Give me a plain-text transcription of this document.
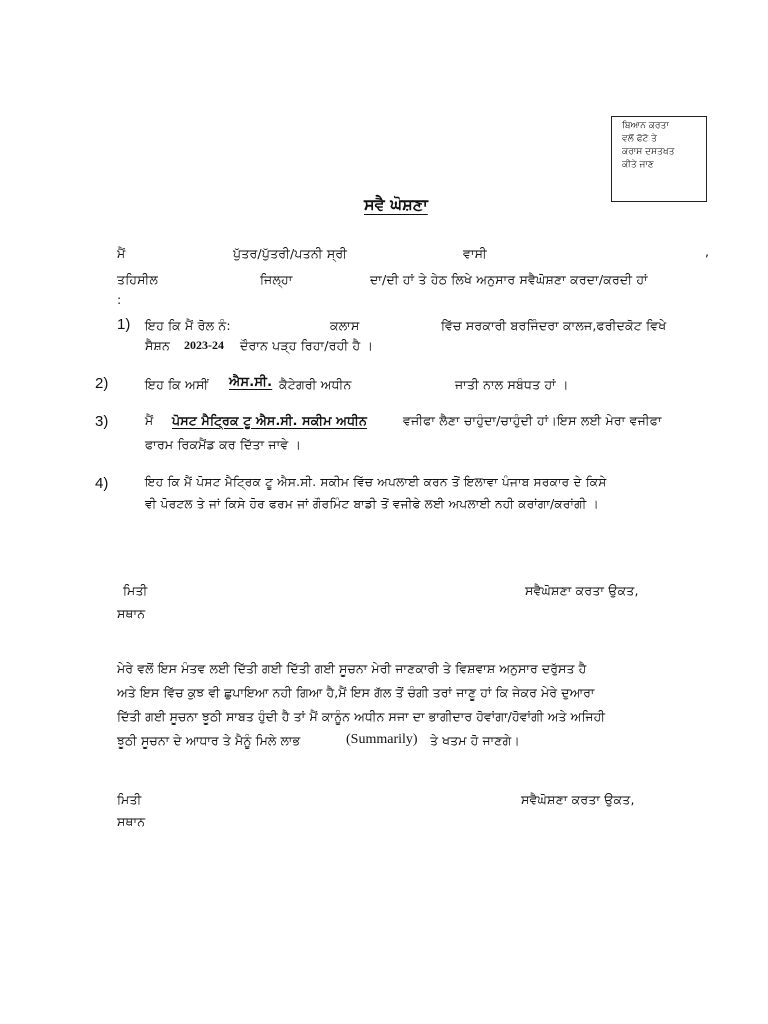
ਬਿਆਨ ਕਰਤਾ
ਵਲੋਂ ਫੋਟੋ ਤੇ
ਕਰਾਸ ਦਸਤਖਤ
ਕੀਤੇ ਜਾਣ
ਸਵੈ ਘੋਸ਼ਣਾ
ਮੈਂ	ਪੁੱਤਰ/ਪੁੱਤਰੀ/ਪਤਨੀ ਸ੍ਰੀ	ਵਾਸੀ	,
ਤਹਿਸੀਲ	ਜਿਲ੍ਹਾ	ਦਾ/ਦੀ ਹਾਂ ਤੇ ਹੇਠ ਲਿਖੇ ਅਨੁਸਾਰ ਸਵੈਘੋਸ਼ਣਾ ਕਰਦਾ/ਕਰਦੀ ਹਾਂ
:
1) ਇਹ ਕਿ ਮੈਂ ਰੋਲ ਨੰ:	ਕਲਾਸ	ਵਿੱਚ ਸਰਕਾਰੀ ਬਰਜਿੰਦਰਾ ਕਾਲਜ,ਫਰੀਦਕੋਟ ਵਿਖੇ
ਸੈਸ਼ਨ 2023-24 ਦੌਰਾਨ ਪੜ੍ਹ ਰਿਹਾ/ਰਹੀ ਹੈ ।
2)	ਇਹ ਕਿ ਅਸੀਂ ਐਸ.ਸੀ. ਕੈਟੇਗਰੀ ਅਧੀਨ	ਜਾਤੀ ਨਾਲ ਸਬੰਧਤ ਹਾਂ ।
3)	ਮੈਂ ਪੋਸਟ ਮੈਟ੍ਰਿਕ ਟੂ ਐਸ.ਸੀ. ਸਕੀਮ ਅਧੀਨ	ਵਜੀਫਾ ਲੈਣਾ ਚਾਹੁੰਦਾ/ਚਾਹੁੰਦੀ ਹਾਂ।ਇਸ ਲਈ ਮੇਰਾ ਵਜੀਫਾ
ਫਾਰਮ ਰਿਕਮੈਂਡ ਕਰ ਦਿੱਤਾ ਜਾਵੇ ।
4)	ਇਹ ਕਿ ਮੈਂ ਪੋਸਟ ਮੈਟ੍ਰਿਕ ਟੂ ਐਸ.ਸੀ. ਸਕੀਮ ਵਿੱਚ ਅਪਲਾਈ ਕਰਨ ਤੋਂ ਇਲਾਵਾ ਪੰਜਾਬ ਸਰਕਾਰ ਦੇ ਕਿਸੇ
ਵੀ ਪੋਰਟਲ ਤੇ ਜਾਂ ਕਿਸੇ ਹੋਰ ਫਰਮ ਜਾਂ ਗੌਰਮਿੰਟ ਬਾਡੀ ਤੋਂ ਵਜੀਫੇ ਲਈ ਅਪਲਾਈ ਨਹੀ ਕਰਾਂਗਾ/ਕਰਾਂਗੀ ।
ਮਿਤੀ
ਸਥਾਨ
ਸਵੈਘੋਸ਼ਣਾ ਕਰਤਾ ਉਕਤ,
ਮੇਰੇ ਵਲੋਂ ਇਸ ਮੰਤਵ ਲਈ ਦਿੱਤੀ ਗਈ ਦਿੱਤੀ ਗਈ ਸੂਚਨਾ ਮੇਰੀ ਜਾਣਕਾਰੀ ਤੇ ਵਿਸ਼ਵਾਸ਼ ਅਨੁਸਾਰ ਦਰੁੱਸਤ ਹੈ
ਅਤੇ ਇਸ ਵਿੱਚ ਕੁਝ ਵੀ ਛੁਪਾਇਆ ਨਹੀ ਗਿਆ ਹੈ,ਮੈਂ ਇਸ ਗੱਲ ਤੋਂ ਚੰਗੀ ਤਰਾਂ ਜਾਣੂ ਹਾਂ ਕਿ ਜੇਕਰ ਮੇਰੇ ਦੁਆਰਾ
ਦਿੱਤੀ ਗਈ ਸੂਚਨਾ ਝੂਠੀ ਸਾਬਤ ਹੁੰਦੀ ਹੈ ਤਾਂ ਮੈਂ ਕਾਨੂੰਨ ਅਧੀਨ ਸਜਾ ਦਾ ਭਾਗੀਦਾਰ ਹੋਵਾਂਗਾ/ਹੋਵਾਂਗੀ ਅਤੇ ਅਜਿਹੀ
ਝੂਠੀ ਸੂਚਨਾ ਦੇ ਆਧਾਰ ਤੇ ਮੈਨੂੰ ਮਿਲੇ ਲਾਭ	(Summarily) ਤੇ ਖਤਮ ਹੋ ਜਾਣਗੇ।
ਮਿਤੀ
ਸਥਾਨ
ਸਵੈਘੋਸ਼ਣਾ ਕਰਤਾ ਉਕਤ,
